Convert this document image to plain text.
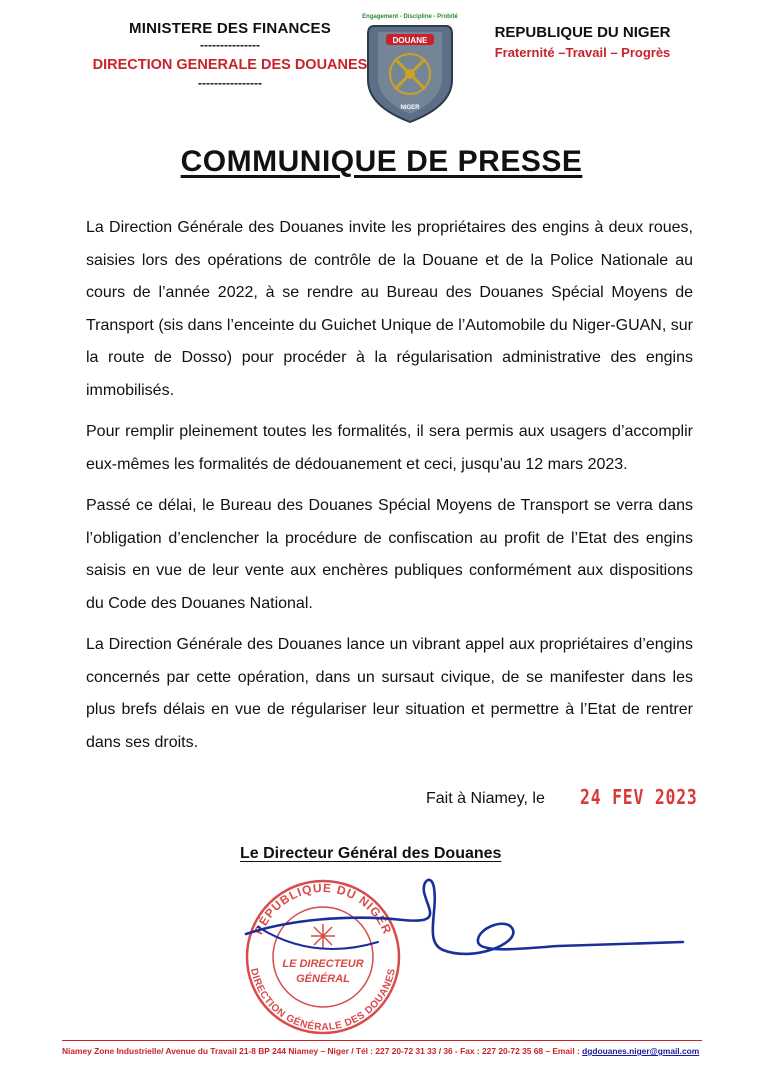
MINISTERE DES FINANCES
---------------
DIRECTION GENERALE DES DOUANES
----------------
Engagement - Discipline - Probité
DOUANE
NIGER
REPUBLIQUE DU NIGER
Fraternité –Travail – Progrès
COMMUNIQUE DE PRESSE

La Direction Générale des Douanes invite les propriétaires des engins à deux roues, saisies lors des opérations de contrôle de la Douane et de la Police Nationale au cours de l’année 2022, à se rendre au Bureau des Douanes Spécial Moyens de Transport (sis dans l’enceinte du Guichet Unique de l’Automobile du Niger-GUAN, sur la route de Dosso) pour procéder à la régularisation administrative des engins immobilisés.

Pour remplir pleinement toutes les formalités, il sera permis aux usagers d’accomplir eux-mêmes les formalités de dédouanement et ceci, jusqu’au 12 mars 2023.

Passé ce délai, le Bureau des Douanes Spécial Moyens de Transport se verra dans l’obligation d’enclencher la procédure de confiscation au profit de l’Etat des engins saisis en vue de leur vente aux enchères publiques conformément aux dispositions du Code des Douanes National.

La Direction Générale des Douanes lance un vibrant appel aux propriétaires d’engins concernés par cette opération, dans un sursaut civique, de se manifester dans les plus brefs délais en vue de régulariser leur situation et permettre à l’Etat de rentrer dans ses droits.

Fait à Niamey, le 24 FEV 2023
Le Directeur Général des Douanes
RÉPUBLIQUE DU NIGER
DIRECTION GÉNÉRALE DES DOUANES
LE DIRECTEUR
GÉNÉRAL
Niamey Zone Industrielle/ Avenue du Travail 21-8 BP 244 Niamey – Niger / Tél : 227 20-72 31 33 / 36 - Fax : 227 20-72 35 68 – Email : dgdouanes.niger@gmail.com
